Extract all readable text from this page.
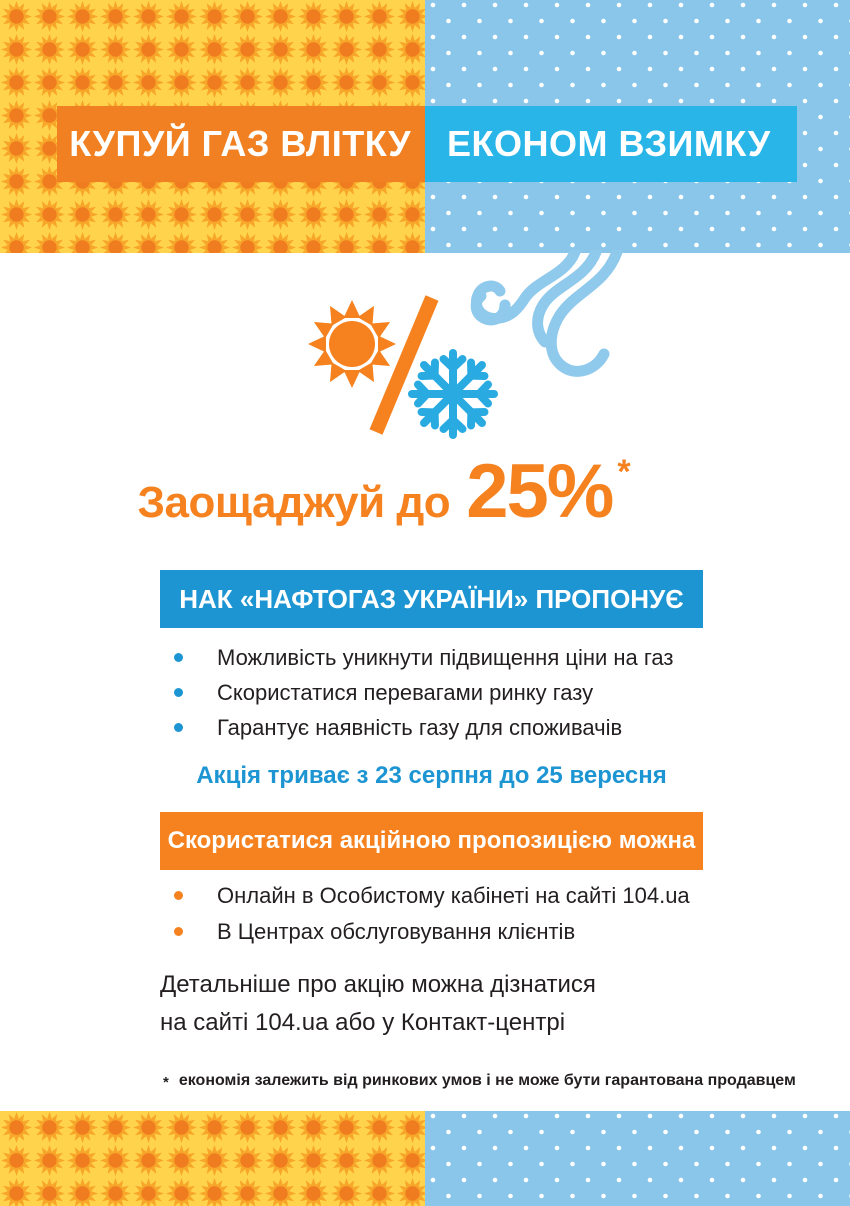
КУПУЙ ГАЗ ВЛІТКУ	ЕКОНОМ ВЗИМКУ
Заощаджуй до 25% *
НАК «НАФТОГАЗ УКРАЇНИ» ПРОПОНУЄ
Можливість уникнути підвищення ціни на газ
Скористатися перевагами ринку газу
Гарантує наявність газу для споживачів
Акція триває з 23 серпня до 25 вересня
Скористатися акційною пропозицією можна
Онлайн в Особистому кабінеті на сайті 104.ua
В Центрах обслуговування клієнтів
Детальніше про акцію можна дізнатися
на сайті 104.ua або у Контакт-центрі
* економія залежить від ринкових умов і не може бути гарантована продавцем
